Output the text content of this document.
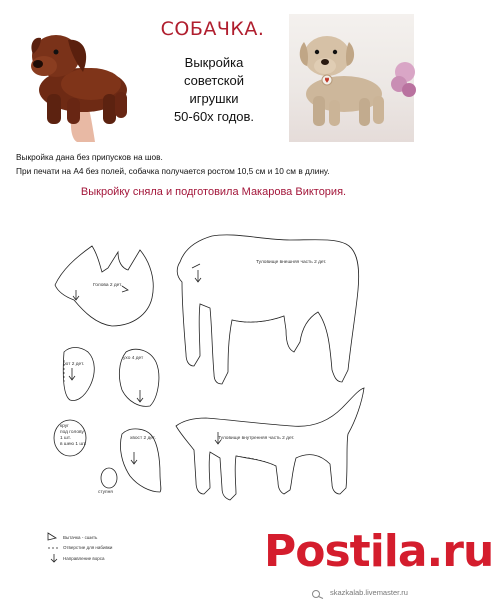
СОБАЧКА.
Выкройка
советской
игрушки
50-60х годов.
Выкройка дана без припусков на шов.
При печати на А4 без полей, собачка получается ростом 10,5 см и 10 см в длину.
Выкройку сняла и подготовила Макарова Виктория.
Голова 2 дет.
Туловище внешняя часть 2 дет.
рот 2 дет.
ухо 4 дет
Туловище внутренняя часть 2 дет.
круг
под голову
1 шт.
в шею 1 шт.
хвост 2 дет.
ступня
Вытачка - сшить
Отверстие для набивки
Направление ворса	Postila.ru
skazkalab.livemaster.ru
